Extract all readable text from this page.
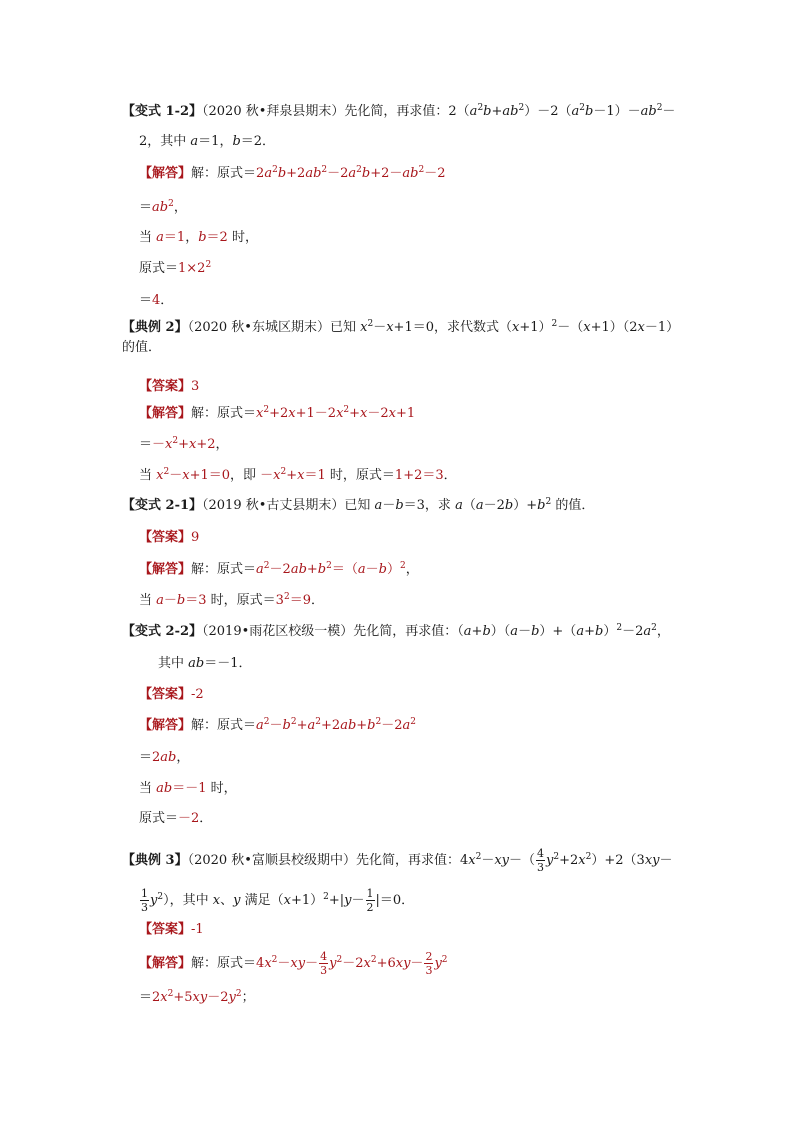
【变式 1-2】（2020 秋•拜泉县期末）先化简，再求值：$2(a^2b+ab^2)-2(a^2b-1)-ab^2-$
2，其中 a＝1，b＝2．
【解答】解：原式$=2a^2b+2ab^2-2a^2b+2-ab^2-2$
$=ab^2$，
当 a＝1，b＝2 时，
原式$=1\times 2^2$
＝4．
【典例 2】（2020 秋•东城区期末）已知 $x^2-x+1=0$，求代数式$(x+1)^2-(x+1)(2x-1)$
的值．
【答案】3
【解答】解：原式$=x^2+2x+1-2x^2+x-2x+1$
$=-x^2+x+2$，
当 $x^2-x+1=0$，即 $-x^2+x=1$ 时，原式＝1+2＝3．
【变式 2-1】（2019 秋•古丈县期末）已知 a－b＝3，求 $a(a-2b)+b^2$ 的值．
【答案】9
【解答】解：原式$=a^2-2ab+b^2=(a-b)^2$，
当 a－b＝3 时，原式$=3^2=9$．
【变式 2-2】（2019•雨花区校级一模）先化简，再求值：$(a+b)(a-b)+(a+b)^2-2a^2$，
其中 ab＝－1．
【答案】-2
【解答】解：原式$=a^2-b^2+a^2+2ab+b^2-2a^2$
＝2ab，
当 ab＝－1 时，
原式＝－2．
【典例 3】（2020 秋•富顺县校级期中）先化简，再求值：$4x^2-xy-( \frac{4}{3} y^2+2x^2)+2(3xy-$
$\frac{1}{3} y^2$），其中 x、y 满足$(x+1)^2+|y- \frac{1}{2} |=0$．
【答案】-1
【解答】解：原式$=4x^2-xy- \frac{4}{3} y^2-2x^2+6xy- \frac{2}{3} y^2$
$=2x^2+5xy-2y^2$；
